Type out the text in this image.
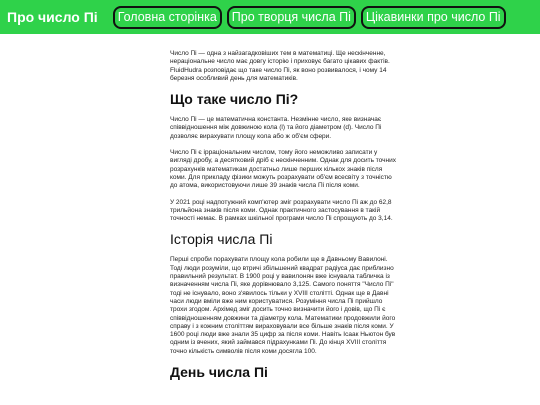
Про число Пі	Головна сторінка	Про творця числа Пі	Цікавинки про число Пі

Число Пі — одна з найзагадковіших тем в математиці. Ще нескінченне, нераціональне число має довгу історію і приховує багато цікавих фактів. FluidHudra розповідає що таке число Пі, як воно розвивалося, і чому 14 березня особливий день для математиків.

Що таке число Пі?

Число Пі — це математична константа. Незмінне число, яке визначає співвідношення між довжиною кола (l) та його діаметром (d). Число Пі дозволяє вирахувати площу кола або ж об'єм сфери.

Число Пі є ірраціональним числом, тому його неможливо записати у вигляді дробу, а десятковий дріб є нескінченним. Однак для досить точних розрахунків математикам достатньо лише перших кількох знаків після коми. Для прикладу фізики можуть розрахувати об'єм всесвіту з точністю до атома, використовуючи лише 39 знаків числа Пі після коми.

У 2021 році надпотужний комп'ютер зміг розрахувати число Пі аж до 62,8 трильйона знаків після коми. Однак практичного застосування в такій точності немає. В рамках шкільної програми число Пі спрощують до 3,14.

Історія числа Пі

Перші спроби порахувати площу кола робили ще в Давньому Вавилоні. Тоді люди розуміли, що втричі збільшений квадрат радіуса дає приблизно правильний результат. В 1900 році у вавилонян вже існувала табличка із визначенням числа Пі, яке дорівнювало 3,125. Самого поняття "Число Пі" тоді не існувало, воно з'явилось тільки у XVIII столітті. Однак ще в Давні часи люди вміли вже ним користуватися. Розуміння числа Пі прийшло трохи згодом. Архімед зміг досить точно визначити його і довів, що Пі є співвідношенням довжини та діаметру кола. Математики продовжили його справу і з кожним століттям вираховували все більше знаків після коми. У 1600 році люди вже знали 35 цифр за після коми. Навіть Ісаак Ньютон був одним із вчених, який займався підрахунками Пі. До кінця XVIII століття точно кількість символів після коми досягла 100.

День числа Пі
